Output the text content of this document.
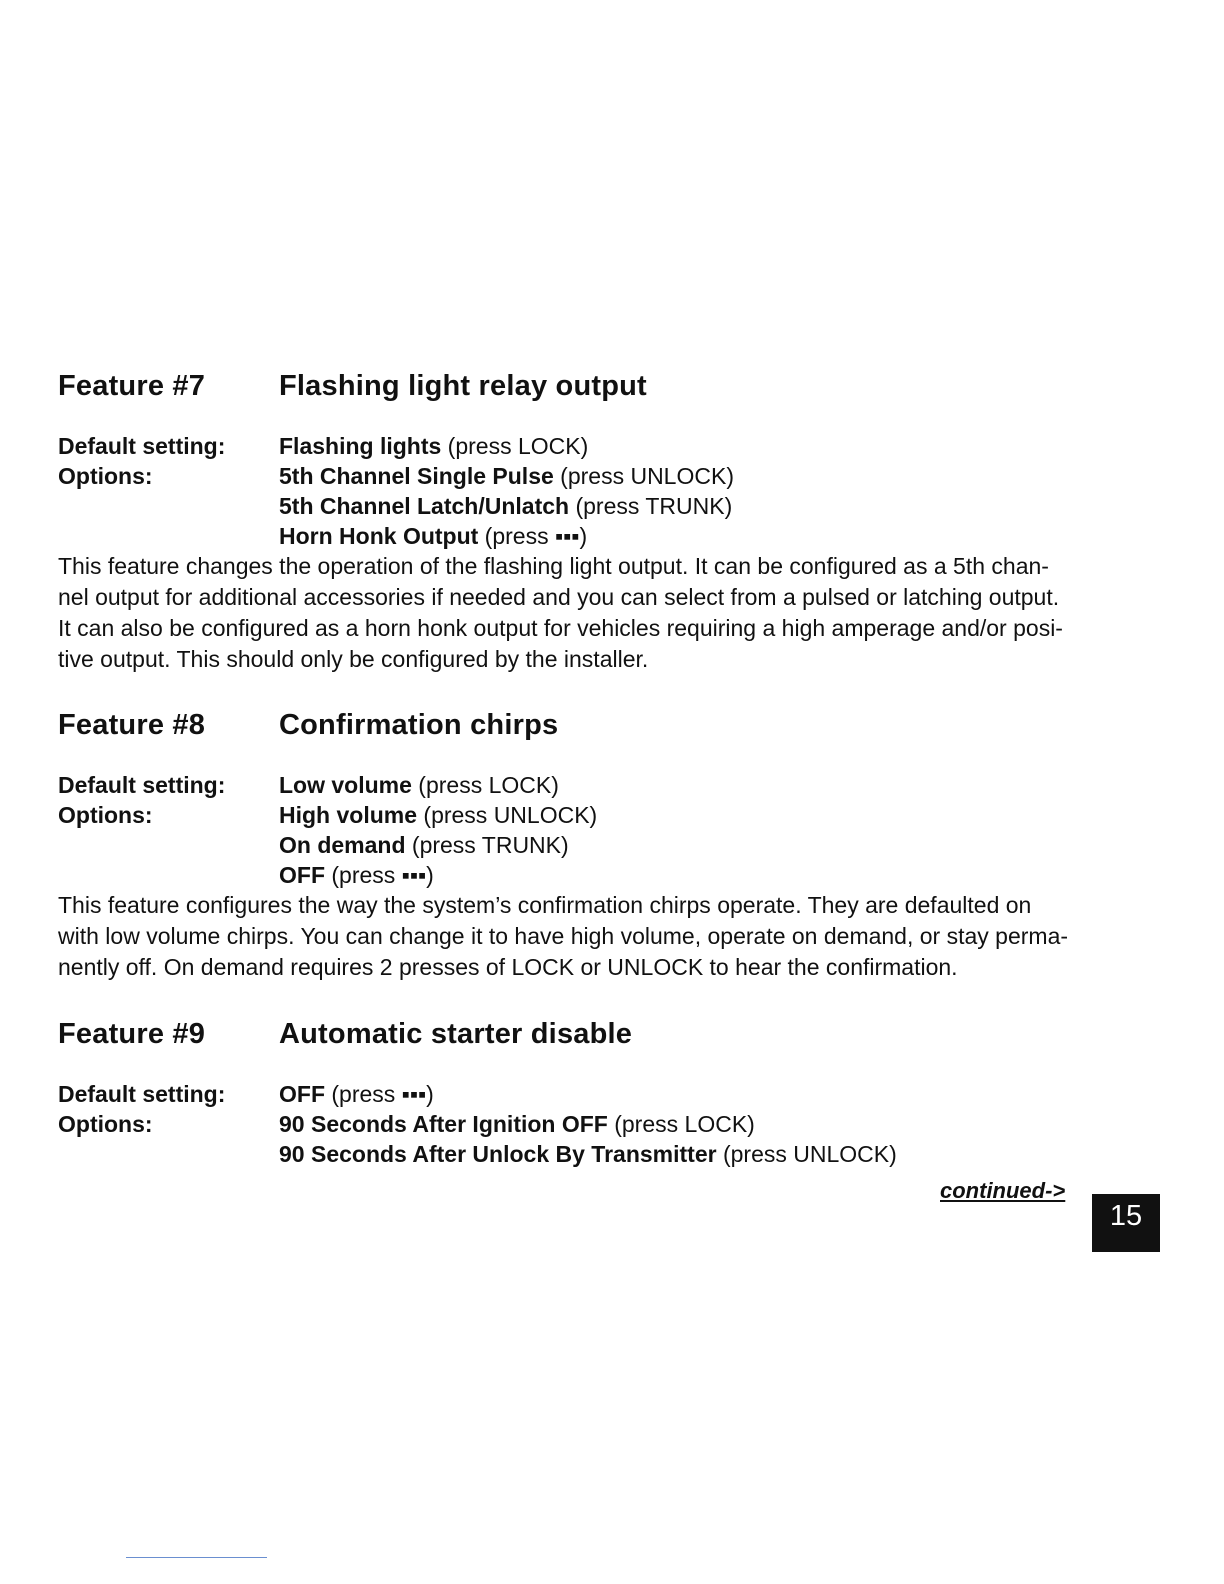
Feature #7	Flashing light relay output
Default setting:	Flashing lights (press LOCK)
Options:	5th Channel Single Pulse (press UNLOCK)
5th Channel Latch/Unlatch (press TRUNK)
Horn Honk Output (press ▪▪▪)

This feature changes the operation of the flashing light output. It can be configured as a 5th chan-
nel output for additional accessories if needed and you can select from a pulsed or latching output.
It can also be configured as a horn honk output for vehicles requiring a high amperage and/or posi-
tive output. This should only be configured by the installer.

Feature #8	Confirmation chirps
Default setting:	Low volume (press LOCK)
Options:	High volume (press UNLOCK)
On demand (press TRUNK)
OFF (press ▪▪▪)

This feature configures the way the system’s confirmation chirps operate. They are defaulted on
with low volume chirps. You can change it to have high volume, operate on demand, or stay perma-
nently off. On demand requires 2 presses of LOCK or UNLOCK to hear the confirmation.

Feature #9	Automatic starter disable
Default setting:	OFF (press ▪▪▪)
Options:	90 Seconds After Ignition OFF (press LOCK)
90 Seconds After Unlock By Transmitter (press UNLOCK)
continued->
15
